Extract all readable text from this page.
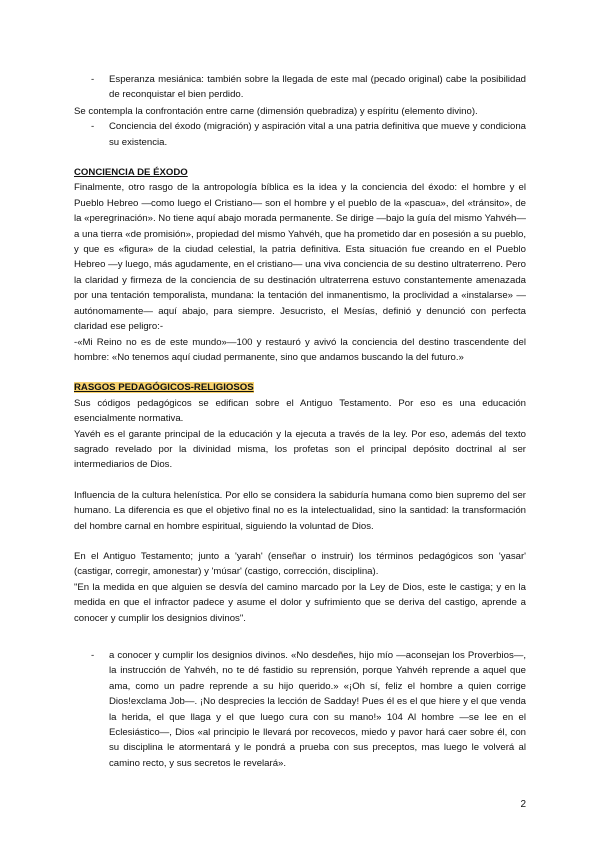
- Esperanza mesiánica: también sobre la llegada de este mal (pecado original) cabe la posibilidad de reconquistar el bien perdido.

Se contempla la confrontación entre carne (dimensión quebradiza) y espíritu (elemento divino).

- Conciencia del éxodo (migración) y aspiración vital a una patria definitiva que mueve y condiciona su existencia.

CONCIENCIA DE ÉXODO

Finalmente, otro rasgo de la antropología bíblica es la idea y la conciencia del éxodo: el hombre y el Pueblo Hebreo —como luego el Cristiano— son el hombre y el pueblo de la «pascua», del «tránsito», de la «peregrinación». No tiene aquí abajo morada permanente. Se dirige —bajo la guía del mismo Yahvéh— a una tierra «de promisión», propiedad del mismo Yahvéh, que ha prometido dar en posesión a su pueblo, y que es «figura» de la ciudad celestial, la patria definitiva. Esta situación fue creando en el Pueblo Hebreo —y luego, más agudamente, en el cristiano— una viva conciencia de su destino ultraterreno. Pero la claridad y firmeza de la conciencia de su destinación ultraterrena estuvo constantemente amenazada por una tentación temporalista, mundana: la tentación del inmanentismo, la proclividad a «instalarse» —autónomamente— aquí abajo, para siempre. Jesucristo, el Mesías, definió y denunció con perfecta claridad ese peligro:-

-«Mi Reino no es de este mundo»—100 y restauró y avivó la conciencia del destino trascendente del hombre: «No tenemos aquí ciudad permanente, sino que andamos buscando la del futuro.»

RASGOS PEDAGÓGICOS-RELIGIOSOS

Sus códigos pedagógicos se edifican sobre el Antiguo Testamento. Por eso es una educación esencialmente normativa.

Yavéh es el garante principal de la educación y la ejecuta a través de la ley. Por eso, además del texto sagrado revelado por la divinidad misma, los profetas son el principal depósito doctrinal al ser intermediarios de Dios.

Influencia de la cultura helenística. Por ello se considera la sabiduría humana como bien supremo del ser humano. La diferencia es que el objetivo final no es la intelectualidad, sino la santidad: la transformación del hombre carnal en hombre espiritual, siguiendo la voluntad de Dios.

En el Antiguo Testamento; junto a 'yarah' (enseñar o instruir) los términos pedagógicos son 'yasar' (castigar, corregir, amonestar) y 'músar' (castigo, corrección, disciplina).

"En la medida en que alguien se desvía del camino marcado por la Ley de Dios, este le castiga; y en la medida en que el infractor padece y asume el dolor y sufrimiento que se deriva del castigo, aprende a conocer y cumplir los designios divinos".

- a conocer y cumplir los designios divinos. «No desdeñes, hijo mío —aconsejan los Proverbios—, la instrucción de Yahvéh, no te dé fastidio su reprensión, porque Yahvéh reprende a aquel que ama, como un padre reprende a su hijo querido.» «¡Oh sí, feliz el hombre a quien corrige Dios!exclama Job—. ¡No desprecies la lección de Sadday! Pues él es el que hiere y el que venda la herida, el que llaga y el que luego cura con su mano!» 104 Al hombre —se lee en el Eclesiástico—, Dios «al principio le llevará por recovecos, miedo y pavor hará caer sobre él, con su disciplina le atormentará y le pondrá a prueba con sus preceptos, mas luego le volverá al camino recto, y sus secretos le revelará».

2
